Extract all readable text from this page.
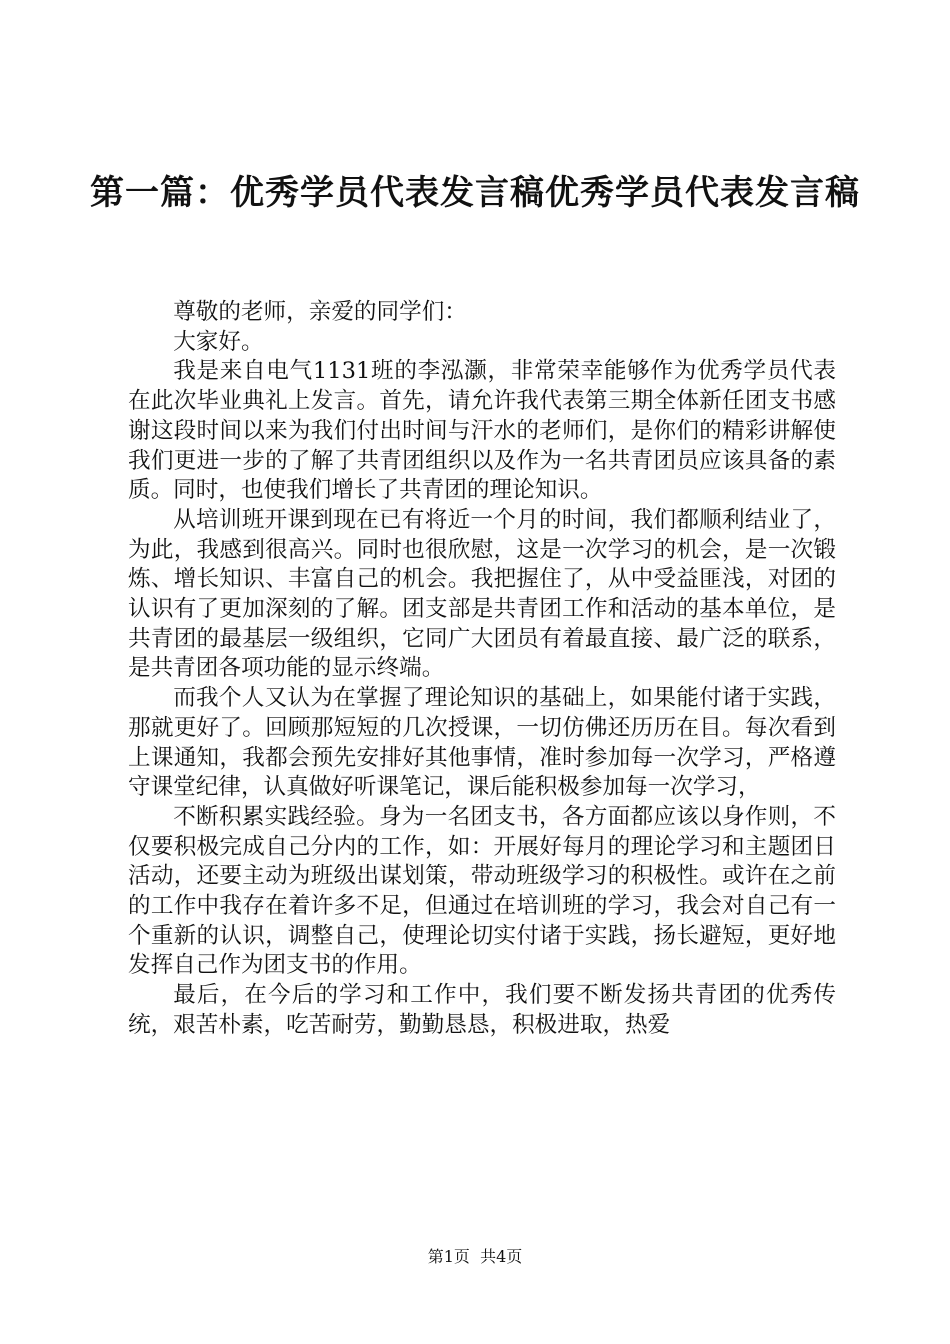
第一篇：优秀学员代表发言稿优秀学员代表发言稿

尊敬的老师，亲爱的同学们：

大家好。

我是来自电气1131班的李泓灏，非常荣幸能够作为优秀学员代表在此次毕业典礼上发言。首先，请允许我代表第三期全体新任团支书感谢这段时间以来为我们付出时间与汗水的老师们，是你们的精彩讲解使我们更进一步的了解了共青团组织以及作为一名共青团员应该具备的素质。同时，也使我们增长了共青团的理论知识。

从培训班开课到现在已有将近一个月的时间，我们都顺利结业了，为此，我感到很高兴。同时也很欣慰，这是一次学习的机会，是一次锻炼、增长知识、丰富自己的机会。我把握住了，从中受益匪浅，对团的认识有了更加深刻的了解。团支部是共青团工作和活动的基本单位，是共青团的最基层一级组织，它同广大团员有着最直接、最广泛的联系，是共青团各项功能的显示终端。

而我个人又认为在掌握了理论知识的基础上，如果能付诸于实践，那就更好了。回顾那短短的几次授课，一切仿佛还历历在目。每次看到上课通知，我都会预先安排好其他事情，准时参加每一次学习，严格遵守课堂纪律，认真做好听课笔记，课后能积极参加每一次学习，

不断积累实践经验。身为一名团支书，各方面都应该以身作则，不仅要积极完成自己分内的工作，如：开展好每月的理论学习和主题团日活动，还要主动为班级出谋划策，带动班级学习的积极性。或许在之前的工作中我存在着许多不足，但通过在培训班的学习，我会对自己有一个重新的认识，调整自己，使理论切实付诸于实践，扬长避短，更好地发挥自己作为团支书的作用。

最后，在今后的学习和工作中，我们要不断发扬共青团的优秀传统，艰苦朴素，吃苦耐劳，勤勤恳恳，积极进取，热爱

第1页  共4页
